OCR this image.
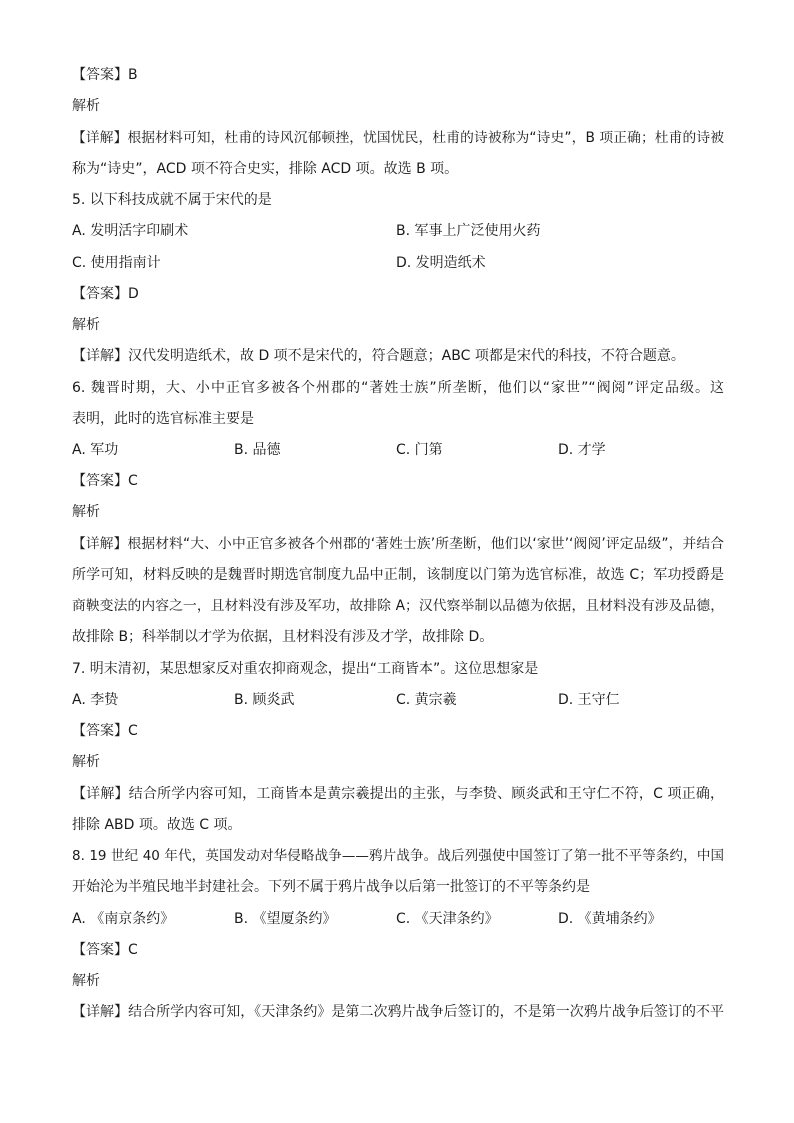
【答案】B
解析
【详解】根据材料可知，杜甫的诗风沉郁顿挫，忧国忧民，杜甫的诗被称为“诗史”，B 项正确；杜甫的诗被
称为“诗史”，ACD 项不符合史实，排除 ACD 项。故选 B 项。
5. 以下科技成就不属于宋代的是
A. 发明活字印刷术	B. 军事上广泛使用火药
C. 使用指南计	D. 发明造纸术
【答案】D
解析
【详解】汉代发明造纸术，故 D 项不是宋代的，符合题意；ABC 项都是宋代的科技，不符合题意。
6. 魏晋时期，大、小中正官多被各个州郡的“著姓士族”所垄断，他们以“家世”“阀阅”评定品级。这
表明，此时的选官标准主要是
A. 军功	B. 品德	C. 门第	D. 才学
【答案】C
解析
【详解】根据材料“大、小中正官多被各个州郡的‘著姓士族’所垄断，他们以‘家世’‘阀阅’评定品级”，并结合
所学可知，材料反映的是魏晋时期选官制度九品中正制，该制度以门第为选官标准，故选 C；军功授爵是
商鞅变法的内容之一，且材料没有涉及军功，故排除 A；汉代察举制以品德为依据，且材料没有涉及品德，
故排除 B；科举制以才学为依据，且材料没有涉及才学，故排除 D。
7. 明末清初，某思想家反对重农抑商观念，提出“工商皆本”。这位思想家是
A. 李贽	B. 顾炎武	C. 黄宗羲	D. 王守仁
【答案】C
解析
【详解】结合所学内容可知，工商皆本是黄宗羲提出的主张，与李贽、顾炎武和王守仁不符，C 项正确，
排除 ABD 项。故选 C 项。
8. 19 世纪 40 年代，英国发动对华侵略战争——鸦片战争。战后列强使中国签订了第一批不平等条约，中国
开始沦为半殖民地半封建社会。下列不属于鸦片战争以后第一批签订的不平等条约是
A. 《南京条约》	B. 《望厦条约》	C. 《天津条约》	D. 《黄埔条约》
【答案】C
解析
【详解】结合所学内容可知，《天津条约》是第二次鸦片战争后签订的，不是第一次鸦片战争后签订的不平
